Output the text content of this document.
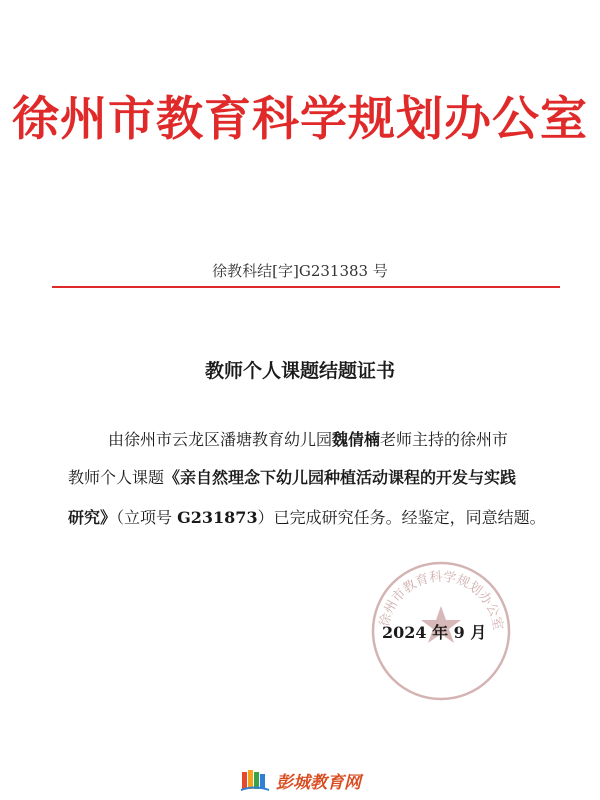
徐州市教育科学规划办公室
徐教科结[字]G231383 号
教师个人课题结题证书
由徐州市云龙区潘塘教育幼儿园魏倩楠老师主持的徐州市
教师个人课题《亲自然理念下幼儿园种植活动课程的开发与实践
研究》（立项号 G231873）已完成研究任务。经鉴定，同意结题。
徐州市教育科学规划办公室
2024 年 9 月
彭城教育网
